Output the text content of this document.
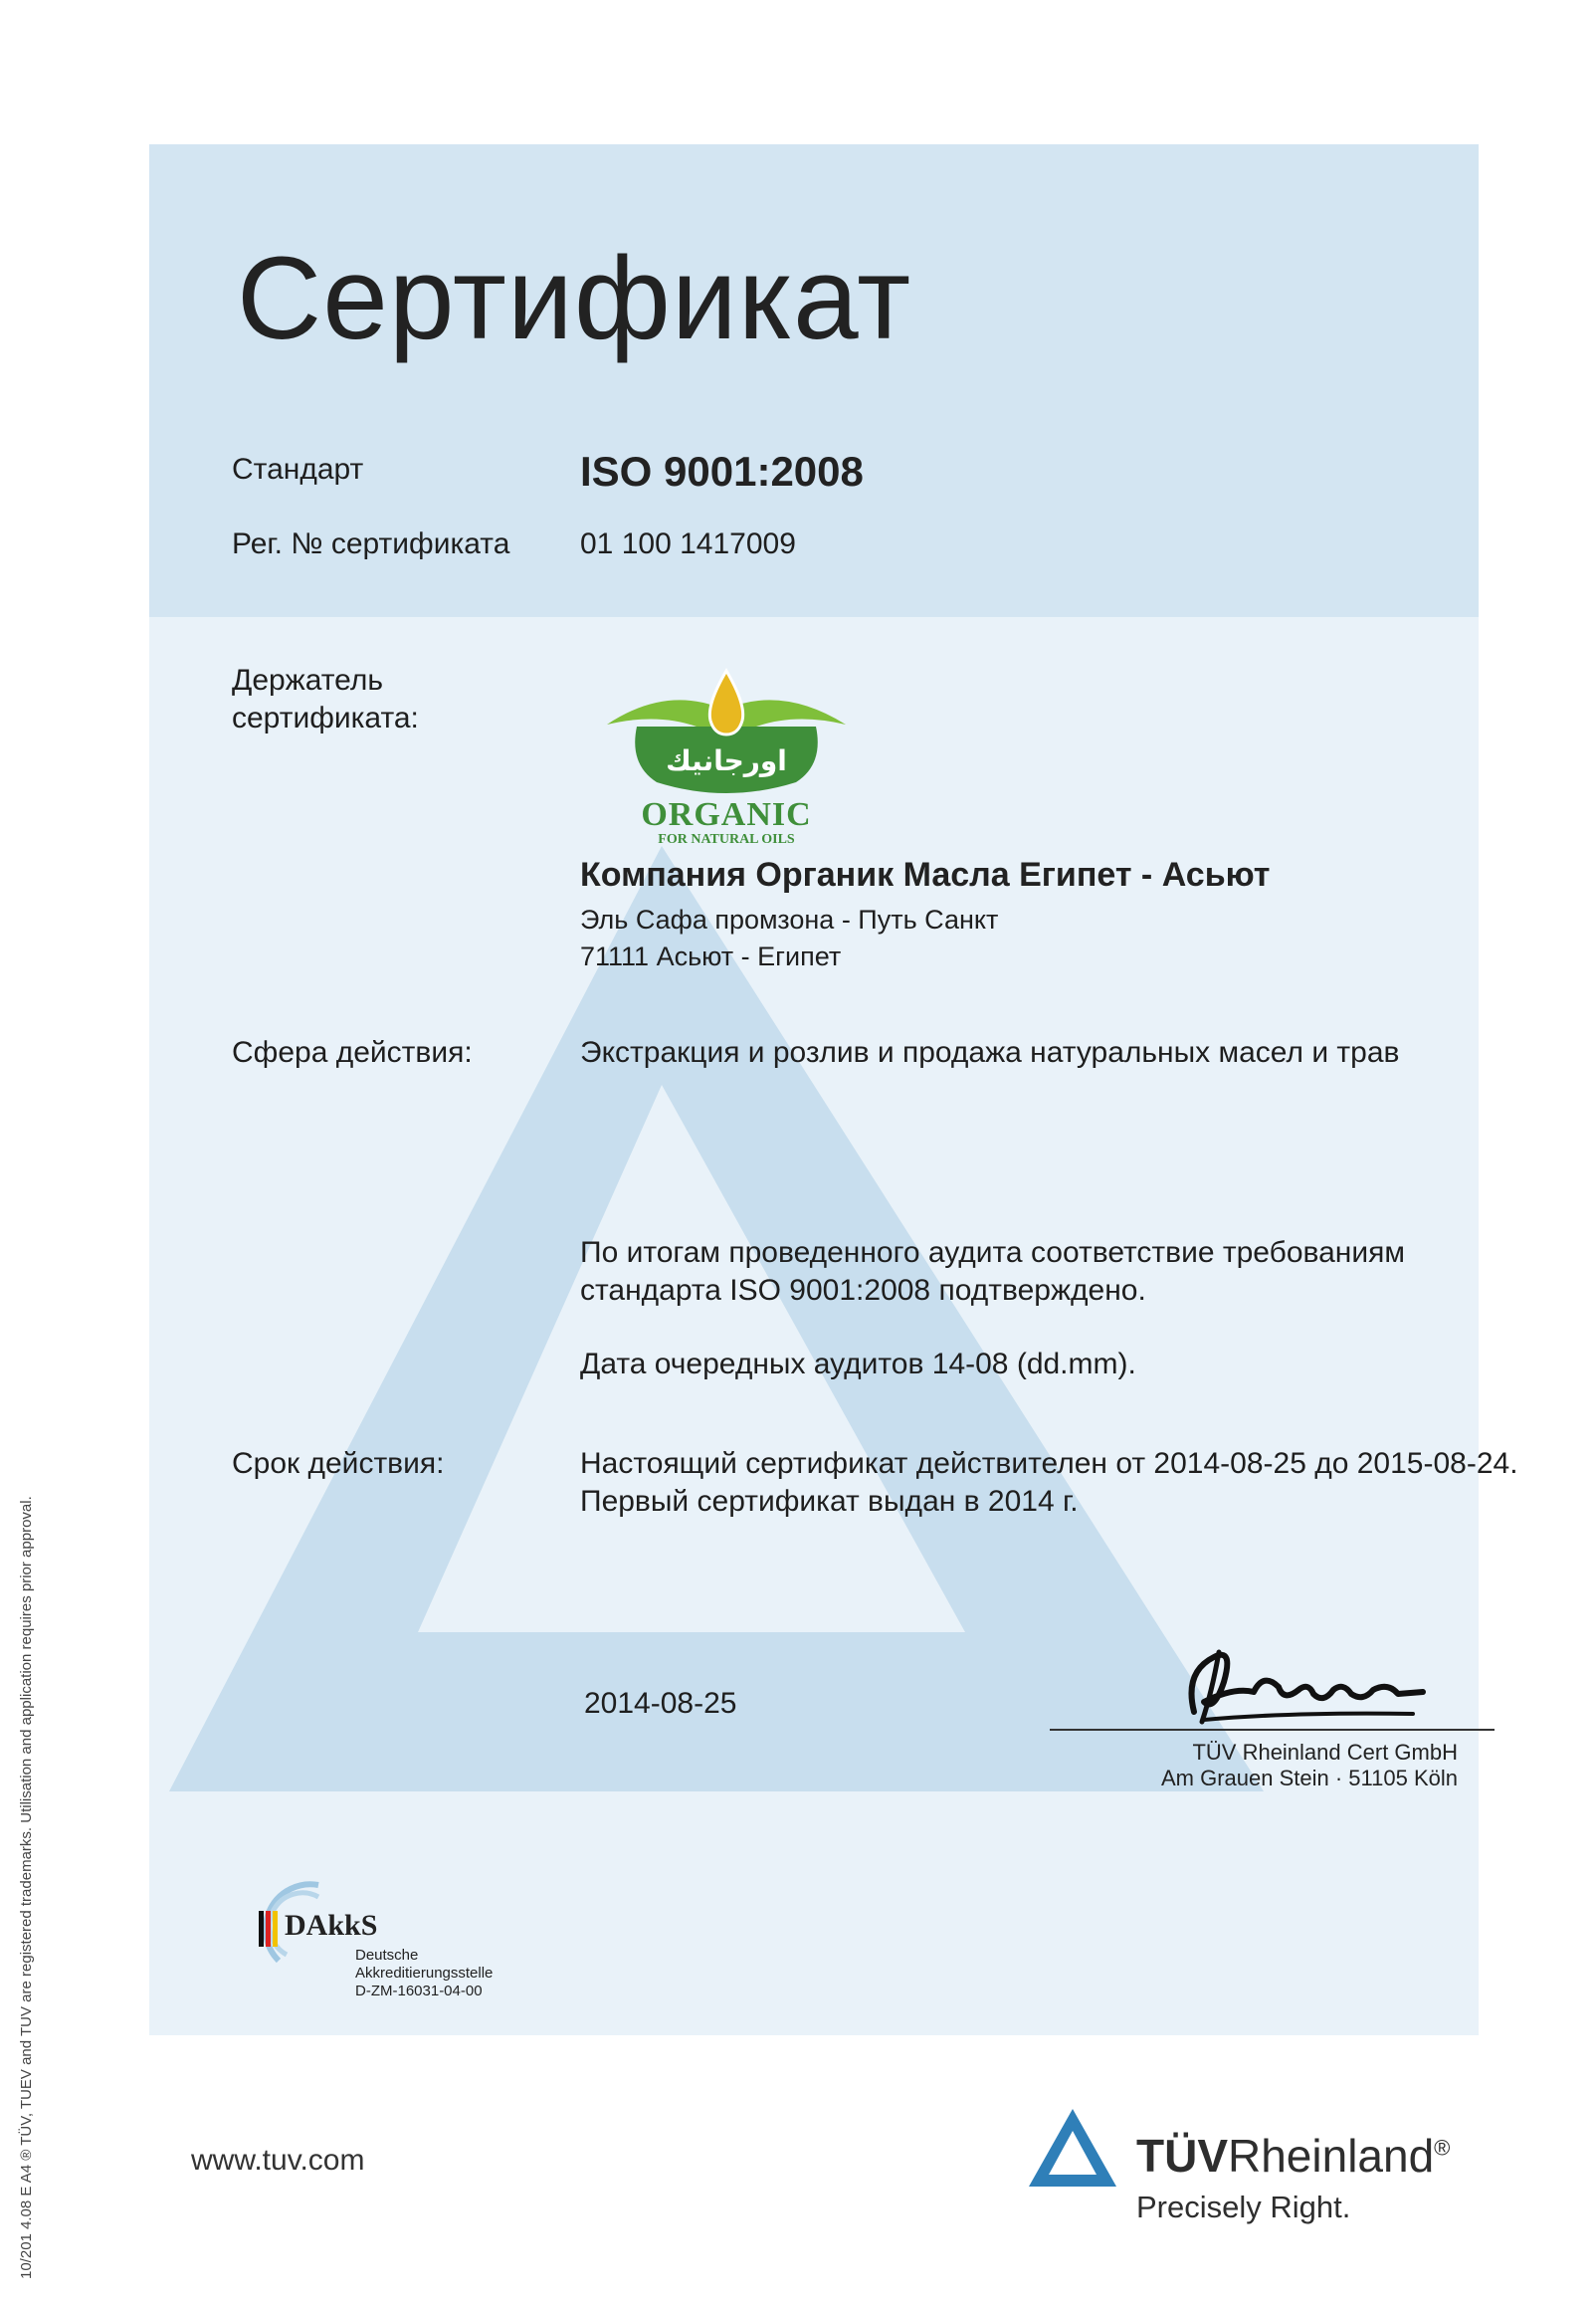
Сертификат
Стандарт	ISO 9001:2008
Рег. № сертификата 01 100 1417009
Держатель
сертификата:
اورجانيك
ORGANIC
FOR NATURAL OILS
Компания Органик Масла Египет - Асьют
Эль Сафа промзона - Путь Санкт
71111 Асьют - Египет
Сфера действия:	Экстракция и розлив и продажа натуральных масел и трав
По итогам проведенного аудита соответствие требованиям
стандарта ISO 9001:2008 подтверждено.
Дата очередных аудитов 14-08 (dd.mm).
Срок действия:	Настоящий сертификат действителен от 2014-08-25 до 2015-08-24.
Первый сертификат выдан в 2014 г.
2014-08-25
TÜV Rheinland Cert GmbH
Am Grauen Stein · 51105 Köln
DAkkS
Deutsche
Akkreditierungsstelle
D-ZM-16031-04-00
10/201 4.08 E A4 ® TÜV, TUEV and TUV are registered trademarks. Utilisation and application requires prior approval.	www.tuv.com	TÜVRheinland®
Precisely Right.
